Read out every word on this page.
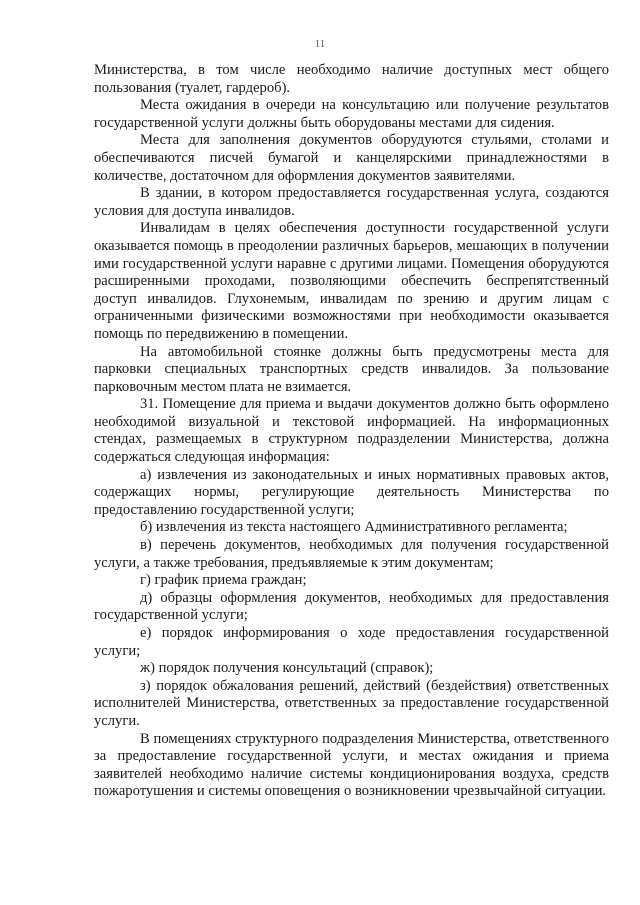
11

Министерства, в том числе необходимо наличие доступных мест общего пользования (туалет, гардероб).

Места ожидания в очереди на консультацию или получение результатов государственной услуги должны быть оборудованы местами для сидения.

Места для заполнения документов оборудуются стульями, столами и обеспечиваются писчей бумагой и канцелярскими принадлежностями в количестве, достаточном для оформления документов заявителями.

В здании, в котором предоставляется государственная услуга, создаются условия для доступа инвалидов.

Инвалидам в целях обеспечения доступности государственной услуги оказывается помощь в преодолении различных барьеров, мешающих в получении ими государственной услуги наравне с другими лицами. Помещения оборудуются расширенными проходами, позволяющими обеспечить беспрепятственный доступ инвалидов. Глухонемым, инвалидам по зрению и другим лицам с ограниченными физическими возможностями при необходимости оказывается помощь по передвижению в помещении.

На автомобильной стоянке должны быть предусмотрены места для парковки специальных транспортных средств инвалидов. За пользование парковочным местом плата не взимается.

31. Помещение для приема и выдачи документов должно быть оформлено необходимой визуальной и текстовой информацией. На информационных стендах, размещаемых в структурном подразделении Министерства, должна содержаться следующая информация:

а) извлечения из законодательных и иных нормативных правовых актов, содержащих нормы, регулирующие деятельность Министерства по предоставлению государственной услуги;

б) извлечения из текста настоящего Административного регламента;

в) перечень документов, необходимых для получения государственной услуги, а также требования, предъявляемые к этим документам;

г) график приема граждан;

д) образцы оформления документов, необходимых для предоставления государственной услуги;

е) порядок информирования о ходе предоставления государственной услуги;

ж) порядок получения консультаций (справок);

з) порядок обжалования решений, действий (бездействия) ответственных исполнителей Министерства, ответственных за предоставление государственной услуги.

В помещениях структурного подразделения Министерства, ответственного за предоставление государственной услуги, и местах ожидания и приема заявителей необходимо наличие системы кондиционирования воздуха, средств пожаротушения и системы оповещения о возникновении чрезвычайной ситуации.
